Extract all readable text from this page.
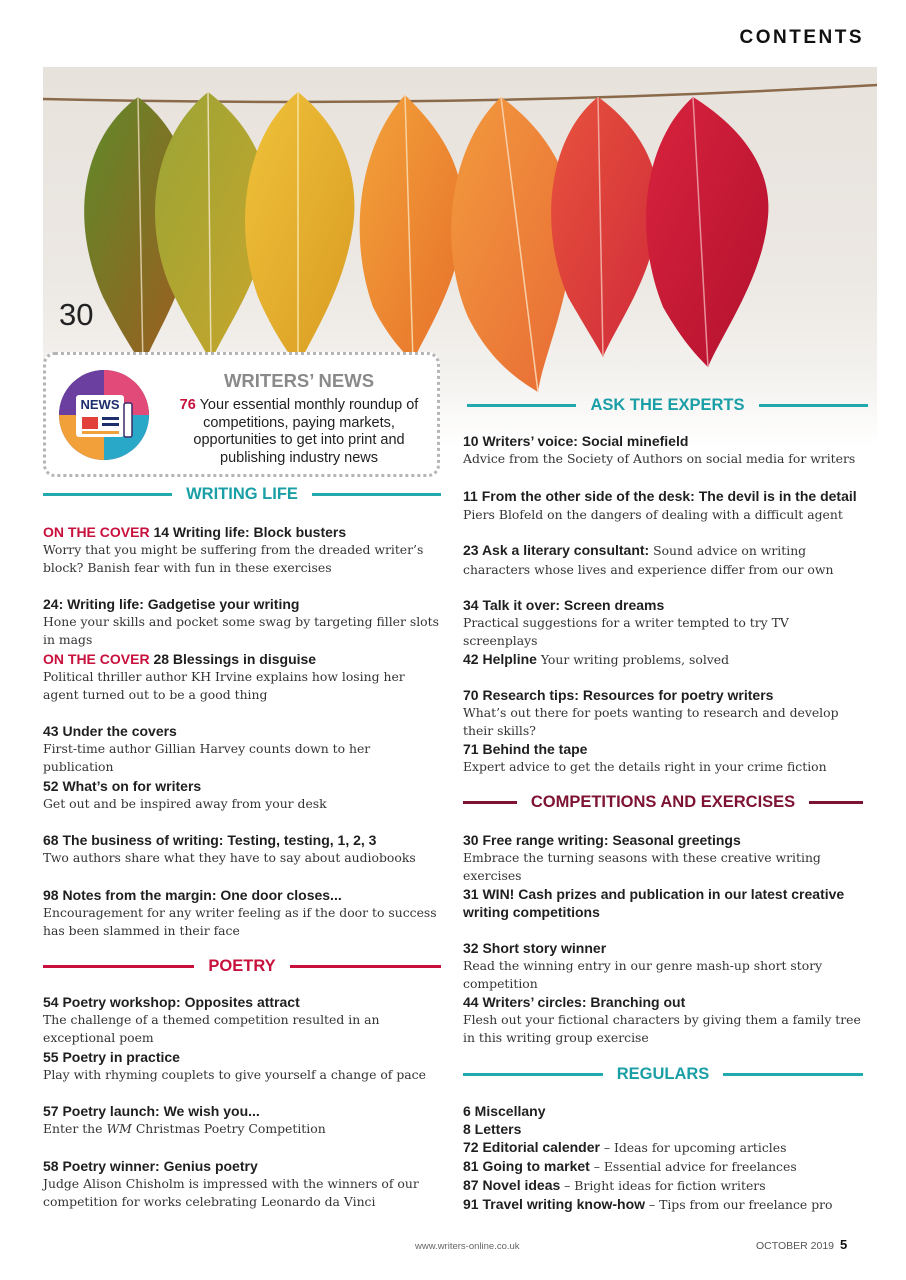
CONTENTS
30
NEWS
WRITERS’ NEWS
76 Your essential monthly roundup of competitions, paying markets, opportunities to get into print and publishing industry news
WRITING LIFE
POETRY
ASK THE EXPERTS
COMPETITIONS AND EXERCISES
REGULARS
ON THE COVER 14 Writing life: Block busters
Worry that you might be suffering from the dreaded writer’s block? Banish fear with fun in these exercises
24: Writing life: Gadgetise your writing
Hone your skills and pocket some swag by targeting filler slots in mags
ON THE COVER 28 Blessings in disguise
Political thriller author KH Irvine explains how losing her agent turned out to be a good thing
43 Under the covers
First-time author Gillian Harvey counts down to her publication
52 What’s on for writers
Get out and be inspired away from your desk
68 The business of writing: Testing, testing, 1, 2, 3
Two authors share what they have to say about audiobooks
98 Notes from the margin: One door closes...
Encouragement for any writer feeling as if the door to success has been slammed in their face
54 Poetry workshop: Opposites attract
The challenge of a themed competition resulted in an exceptional poem
55 Poetry in practice
Play with rhyming couplets to give yourself a change of pace
57 Poetry launch: We wish you...
Enter the WM Christmas Poetry Competition
58 Poetry winner: Genius poetry
Judge Alison Chisholm is impressed with the winners of our competition for works celebrating Leonardo da Vinci
10 Writers’ voice: Social minefield
Advice from the Society of Authors on social media for writers
11 From the other side of the desk: The devil is in the detail Piers Blofeld on the dangers of dealing with a difficult agent
23 Ask a literary consultant: Sound advice on writing characters whose lives and experience differ from our own
34 Talk it over: Screen dreams
Practical suggestions for a writer tempted to try TV screenplays
42 Helpline Your writing problems, solved
70 Research tips: Resources for poetry writers
What’s out there for poets wanting to research and develop their skills?
71 Behind the tape
Expert advice to get the details right in your crime fiction
30 Free range writing: Seasonal greetings
Embrace the turning seasons with these creative writing exercises
31 WIN! Cash prizes and publication in our latest creative writing competitions
32 Short story winner
Read the winning entry in our genre mash-up short story competition
44 Writers’ circles: Branching out
Flesh out your fictional characters by giving them a family tree in this writing group exercise
6 Miscellany
8 Letters
72 Editorial calender – Ideas for upcoming articles
81 Going to market – Essential advice for freelances
87 Novel ideas – Bright ideas for fiction writers
91 Travel writing know-how – Tips from our freelance pro
www.writers-online.co.uk	OCTOBER 2019 5
